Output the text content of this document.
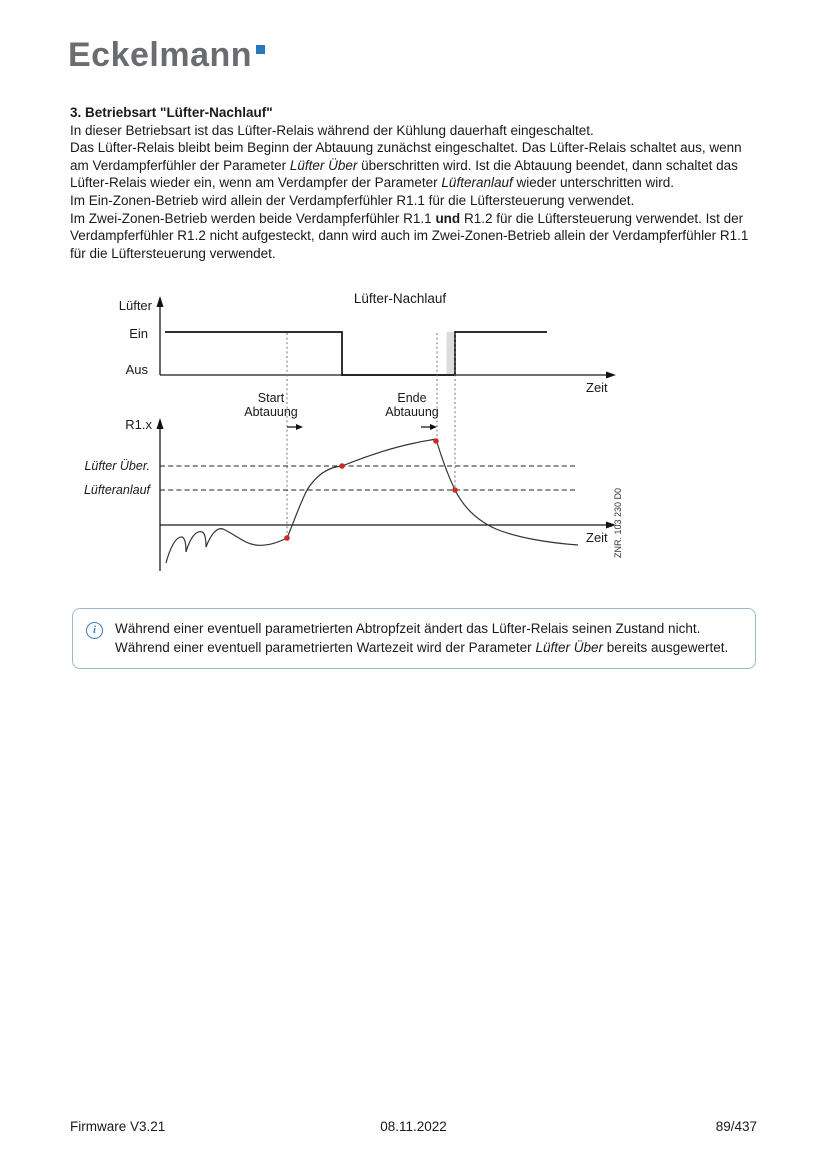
Eckelmann

3. Betriebsart "Lüfter-Nachlauf"

In dieser Betriebsart ist das Lüfter-Relais während der Kühlung dauerhaft eingeschaltet.

Das Lüfter-Relais bleibt beim Beginn der Abtauung zunächst eingeschaltet. Das Lüfter-Relais schaltet aus, wenn am Verdampferfühler der Parameter Lüfter Über überschritten wird. Ist die Abtauung beendet, dann schaltet das Lüfter-Relais wieder ein, wenn am Verdampfer der Parameter Lüfteranlauf wieder unterschritten wird.

Im Ein-Zonen-Betrieb wird allein der Verdampferfühler R1.1 für die Lüftersteuerung verwendet.

Im Zwei-Zonen-Betrieb werden beide Verdampferfühler R1.1 und R1.2 für die Lüftersteuerung verwendet. Ist der Verdampferfühler R1.2 nicht aufgesteckt, dann wird auch im Zwei-Zonen-Betrieb allein der Verdampferfühler R1.1 für die Lüftersteuerung verwendet.

Lüfter-Nachlauf
Lüfter
Ein
Aus
Zeit
Start
Abtauung
Ende
Abtauung
R1.x
Lüfter Über.
Lüfteranlauf
Zeit ZNR. 103 230 D0
i	Während einer eventuell parametrierten Abtropfzeit ändert das Lüfter-Relais seinen Zustand nicht.
Während einer eventuell parametrierten Wartezeit wird der Parameter Lüfter Über bereits ausgewertet.
Firmware V3.21	08.11.2022	89/437
